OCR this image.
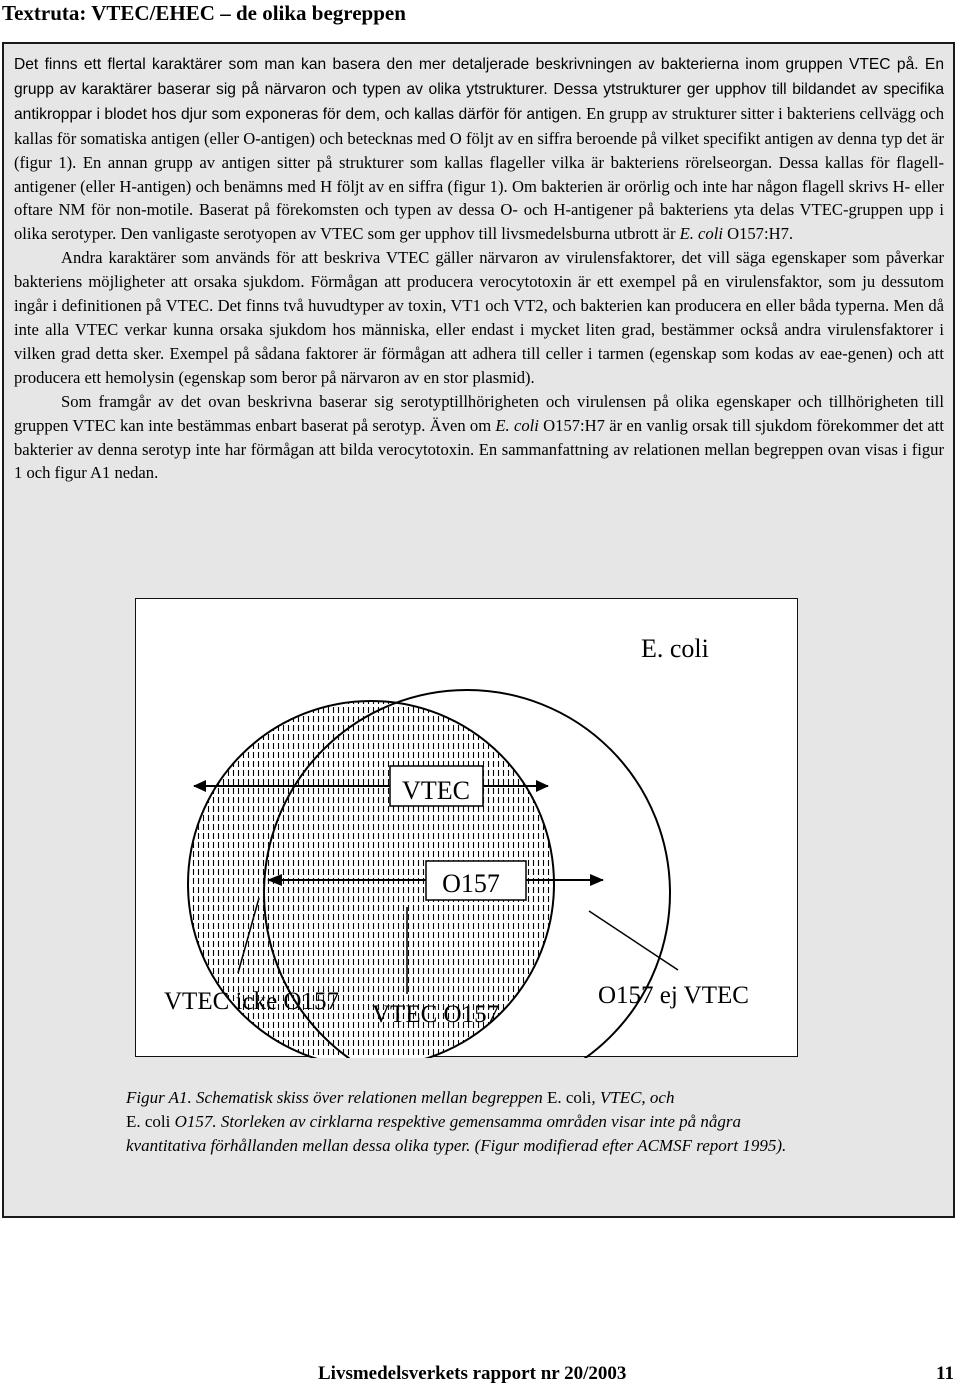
Textruta: VTEC/EHEC – de olika begreppen

Det finns ett flertal karaktärer som man kan basera den mer detaljerade beskrivningen av bakterierna inom gruppen VTEC på. En grupp av karaktärer baserar sig på närvaron och typen av olika ytstrukturer. Dessa ytstrukturer ger upphov till bildandet av specifika antikroppar i blodet hos djur som exponeras för dem, och kallas därför för antigen. En grupp av strukturer sitter i bakteriens cellvägg och kallas för somatiska antigen (eller O-antigen) och betecknas med O följt av en siffra beroende på vilket specifikt antigen av denna typ det är (figur 1). En annan grupp av antigen sitter på strukturer som kallas flageller vilka är bakteriens rörelseorgan. Dessa kallas för flagell-antigener (eller H-antigen) och benämns med H följt av en siffra (figur 1). Om bakterien är orörlig och inte har någon flagell skrivs H- eller oftare NM för non-motile. Baserat på förekomsten och typen av dessa O- och H-antigener på bakteriens yta delas VTEC-gruppen upp i olika serotyper. Den vanligaste serotyopen av VTEC som ger upphov till livsmedelsburna utbrott är E. coli O157:H7.

Andra karaktärer som används för att beskriva VTEC gäller närvaron av virulensfaktorer, det vill säga egenskaper som påverkar bakteriens möjligheter att orsaka sjukdom. Förmågan att producera verocytotoxin är ett exempel på en virulensfaktor, som ju dessutom ingår i definitionen på VTEC. Det finns två huvudtyper av toxin, VT1 och VT2, och bakterien kan producera en eller båda typerna. Men då inte alla VTEC verkar kunna orsaka sjukdom hos människa, eller endast i mycket liten grad, bestämmer också andra virulensfaktorer i vilken grad detta sker. Exempel på sådana faktorer är förmågan att adhera till celler i tarmen (egenskap som kodas av eae-genen) och att producera ett hemolysin (egenskap som beror på närvaron av en stor plasmid).

Som framgår av det ovan beskrivna baserar sig serotyptillhörigheten och virulensen på olika egenskaper och tillhörigheten till gruppen VTEC kan inte bestämmas enbart baserat på serotyp. Även om E. coli O157:H7 är en vanlig orsak till sjukdom förekommer det att bakterier av denna serotyp inte har förmågan att bilda verocytotoxin. En sammanfattning av relationen mellan begreppen ovan visas i figur 1 och figur A1 nedan.

VTEC
O157
E. coli
VTEC icke O157 VTEC O157
O157 ej VTEC
Figur A1. Schematisk skiss över relationen mellan begreppen E. coli, VTEC, och
E. coli O157. Storleken av cirklarna respektive gemensamma områden visar inte på några kvantitativa förhållanden mellan dessa olika typer. (Figur modifierad efter ACMSF report 1995).
Livsmedelsverkets rapport nr 20/2003	11
